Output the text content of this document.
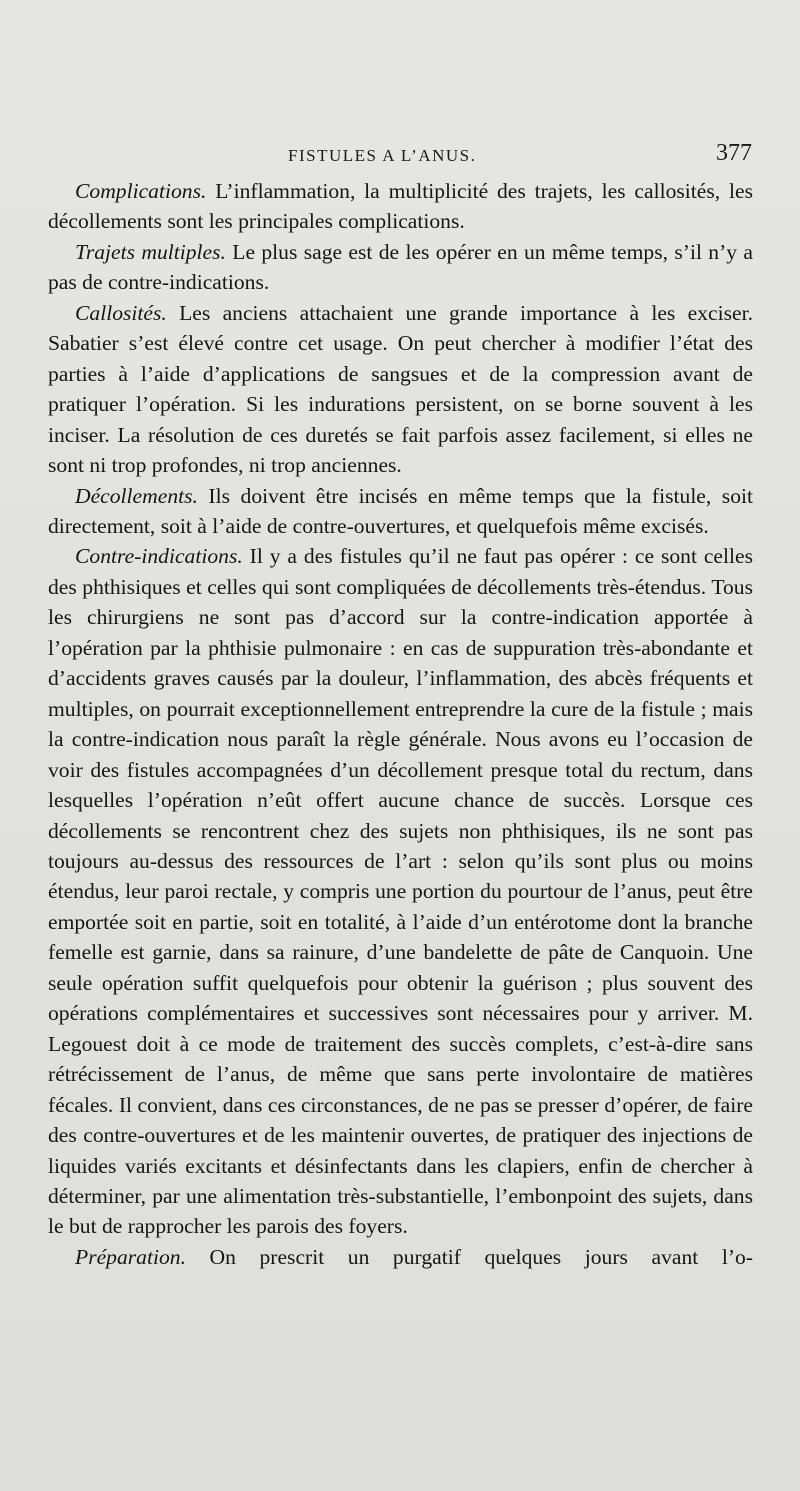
FISTULES A L’ANUS.	377

Complications. L’inflammation, la multiplicité des trajets, les callosités, les décollements sont les principales complications.

Trajets multiples. Le plus sage est de les opérer en un même temps, s’il n’y a pas de contre-indications.

Callosités. Les anciens attachaient une grande importance à les exciser. Sabatier s’est élevé contre cet usage. On peut chercher à modifier l’état des parties à l’aide d’applications de sangsues et de la compression avant de pratiquer l’opération. Si les indurations persistent, on se borne souvent à les inciser. La résolution de ces duretés se fait parfois assez facilement, si elles ne sont ni trop profondes, ni trop anciennes.

Décollements. Ils doivent être incisés en même temps que la fistule, soit directement, soit à l’aide de contre-ouvertures, et quelquefois même excisés.

Contre-indications. Il y a des fistules qu’il ne faut pas opérer : ce sont celles des phthisiques et celles qui sont compliquées de décollements très-étendus. Tous les chirurgiens ne sont pas d’accord sur la contre-indication apportée à l’opération par la phthisie pulmonaire : en cas de suppuration très-abondante et d’accidents graves causés par la douleur, l’inflammation, des abcès fréquents et multiples, on pourrait exceptionnellement entreprendre la cure de la fistule ; mais la contre-indication nous paraît la règle générale. Nous avons eu l’occasion de voir des fistules accompagnées d’un décollement presque total du rectum, dans lesquelles l’opération n’eût offert aucune chance de succès. Lorsque ces décollements se rencontrent chez des sujets non phthisiques, ils ne sont pas toujours au-dessus des ressources de l’art : selon qu’ils sont plus ou moins étendus, leur paroi rectale, y compris une portion du pourtour de l’anus, peut être emportée soit en partie, soit en totalité, à l’aide d’un entérotome dont la branche femelle est garnie, dans sa rainure, d’une bandelette de pâte de Canquoin. Une seule opération suffit quelquefois pour obtenir la guérison ; plus souvent des opérations complémentaires et successives sont nécessaires pour y arriver. M. Legouest doit à ce mode de traitement des succès complets, c’est-à-dire sans rétrécissement de l’anus, de même que sans perte involontaire de matières fécales. Il convient, dans ces circonstances, de ne pas se presser d’opérer, de faire des contre-ouvertures et de les maintenir ouvertes, de pratiquer des injections de liquides variés excitants et désinfectants dans les clapiers, enfin de chercher à déterminer, par une alimentation très-substantielle, l’embonpoint des sujets, dans le but de rapprocher les parois des foyers.

Préparation. On prescrit un purgatif quelques jours avant l’o-
